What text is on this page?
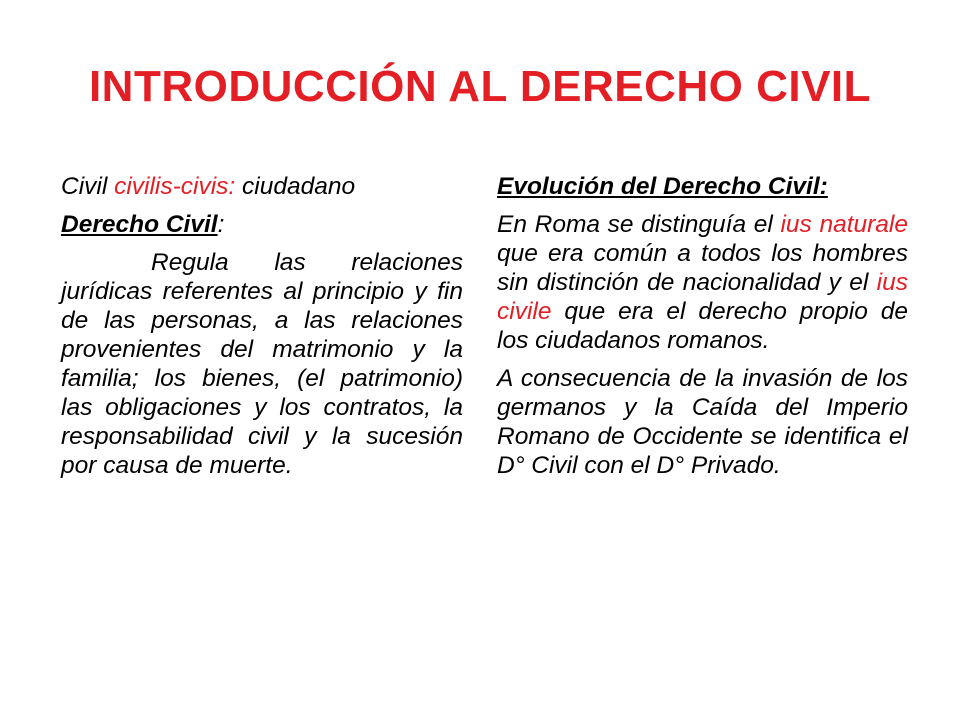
INTRODUCCIÓN AL DERECHO CIVIL

Civil civilis-civis: ciudadano

Derecho Civil:

Regula las relaciones jurídicas referentes al principio y fin de las personas, a las relaciones provenientes del matrimonio y la familia; los bienes, (el patrimonio) las obligaciones y los contratos, la responsabilidad civil y la sucesión por causa de muerte.

Evolución del Derecho Civil:

En Roma se distinguía el ius naturale que era común a todos los hombres sin distinción de nacionalidad y el ius civile que era el derecho propio de los ciudadanos romanos.

A consecuencia de la invasión de los germanos y la Caída del Imperio Romano de Occidente se identifica el D° Civil con el D° Privado.
